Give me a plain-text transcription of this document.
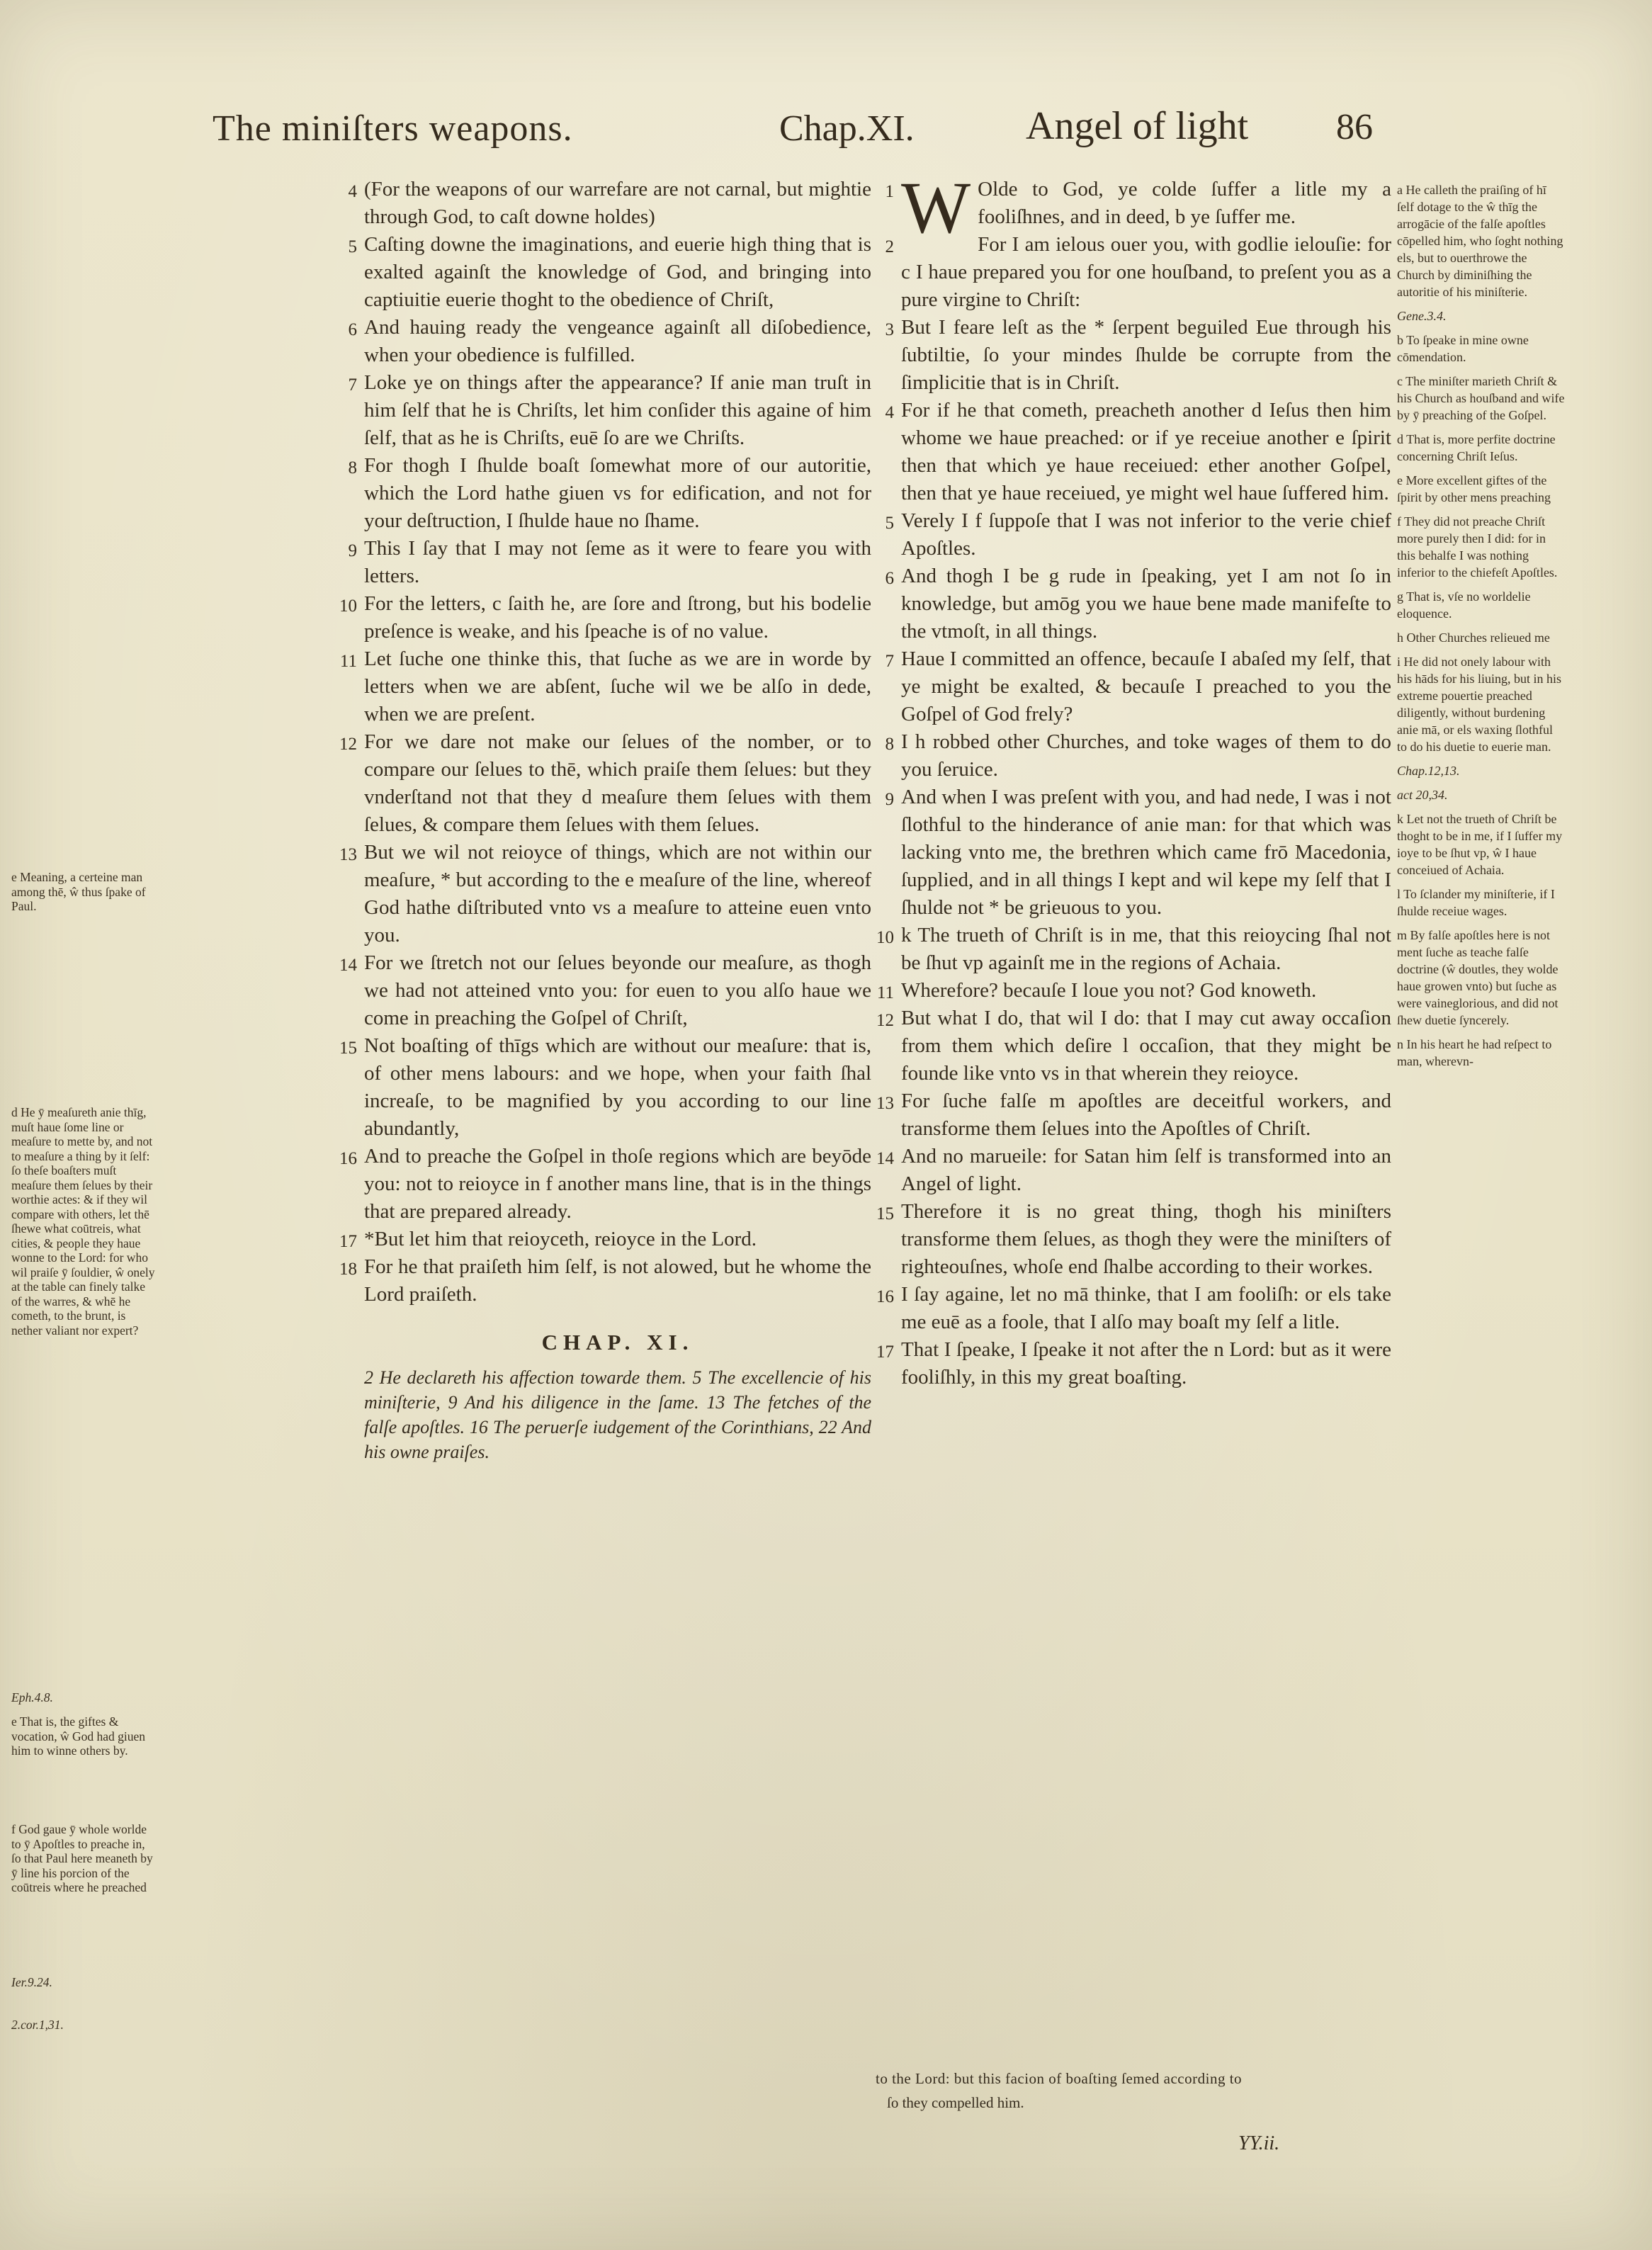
The miniſters weapons.	Chap.XI.	Angel of light 86
e Meaning, a certeine man among thē, ŵ thus ſpake of Paul.
d He ȳ meaſureth anie thīg, muſt haue ſome line or meaſure to mette by, and not to meaſure a thing by it ſelf: ſo theſe boaſters muſt meaſure them ſelues by their worthie actes: & if they wil compare with others, let thē ſhewe what coūtreis, what cities, & people they haue wonne to the Lord: for who wil praiſe ȳ ſouldier, ŵ onely at the table can finely talke of the warres, & whē he cometh, to the brunt, is nether valiant nor expert?
Eph.4.8.
e That is, the giftes & vocation, ŵ God had giuen him to winne others by.
f God gaue ȳ whole worlde to ȳ Apoſtles to preache in, ſo that Paul here meaneth by ȳ line his porcion of the coūtreis where he preached
Ier.9.24.
2.cor.1,31.

4 (For the weapons of our warrefare are not carnal, but mightie through God, to caſt downe holdes)

5 Caſting downe the imaginations, and euerie high thing that is exalted againſt the knowledge of God, and bringing into captiuitie euerie thoght to the obedience of Chriſt,

6 And hauing ready the vengeance againſt all diſobedience, when your obedience is fulfilled.

7 Loke ye on things after the appearance? If anie man truſt in him ſelf that he is Chriſts, let him conſider this againe of him ſelf, that as he is Chriſts, euē ſo are we Chriſts.

8 For thogh I ſhulde boaſt ſomewhat more of our autoritie, which the Lord hathe giuen vs for edification, and not for your deſtruction, I ſhulde haue no ſhame.

9 This I ſay that I may not ſeme as it were to feare you with letters.

10 For the letters, c ſaith he, are ſore and ſtrong, but his bodelie preſence is weake, and his ſpeache is of no value.

11 Let ſuche one thinke this, that ſuche as we are in worde by letters when we are abſent, ſuche wil we be alſo in dede, when we are preſent.

12 For we dare not make our ſelues of the nomber, or to compare our ſelues to thē, which praiſe them ſelues: but they vnderſtand not that they d meaſure them ſelues with them ſelues, & compare them ſelues with them ſelues.

13 But we wil not reioyce of things, which are not within our meaſure, * but according to the e meaſure of the line, whereof God hathe diſtributed vnto vs a meaſure to atteine euen vnto you.

14 For we ſtretch not our ſelues beyonde our meaſure, as thogh we had not atteined vnto you: for euen to you alſo haue we come in preaching the Goſpel of Chriſt,

15 Not boaſting of thīgs which are without our meaſure: that is, of other mens labours: and we hope, when your faith ſhal increaſe, to be magnified by you according to our line abundantly,

16 And to preache the Goſpel in thoſe regions which are beyōde you: not to reioyce in f another mans line, that is in the things that are prepared already.

17 *But let him that reioyceth, reioyce in the Lord.

18 For he that praiſeth him ſelf, is not alowed, but he whome the Lord praiſeth.

CHAP. XI.

2 He declareth his affection towarde them. 5 The excellencie of his miniſterie, 9 And his diligence in the ſame. 13 The fetches of the falſe apoſtles. 16 The peruerſe iudgement of the Corinthians, 22 And his owne praiſes.

1 W Olde to God, ye colde ſuffer a litle my a fooliſhnes, and in deed, b ye ſuffer me.

2	For I am ielous ouer you, with godlie ielouſie: for c I haue prepared you for one houſband, to preſent you as a pure virgine to Chriſt:

3 But I feare leſt as the * ſerpent beguiled Eue through his ſubtiltie, ſo your mindes ſhulde be corrupte from the ſimplicitie that is in Chriſt.

4 For if he that cometh, preacheth another d Ieſus then him whome we haue preached: or if ye receiue another e ſpirit then that which ye haue receiued: ether another Goſpel, then that ye haue receiued, ye might wel haue ſuffered him.

5 Verely I f ſuppoſe that I was not inferior to the verie chief Apoſtles.

6 And thogh I be g rude in ſpeaking, yet I am not ſo in knowledge, but amōg you we haue bene made manifeſte to the vtmoſt, in all things.

7 Haue I committed an offence, becauſe I abaſed my ſelf, that ye might be exalted, & becauſe I preached to you the Goſpel of God frely?

8 I h robbed other Churches, and toke wages of them to do you ſeruice.

9 And when I was preſent with you, and had nede, I was i not ſlothful to the hinderance of anie man: for that which was lacking vnto me, the brethren which came frō Macedonia, ſupplied, and in all things I kept and wil kepe my ſelf that I ſhulde not * be grieuous to you.

10 k The trueth of Chriſt is in me, that this reioycing ſhal not be ſhut vp againſt me in the regions of Achaia.

11 Wherefore? becauſe I loue you not? God knoweth.

12 But what I do, that wil I do: that I may cut away occaſion from them which deſire l occaſion, that they might be founde like vnto vs in that wherein they reioyce.

13 For ſuche falſe m apoſtles are deceitful workers, and transforme them ſelues into the Apoſtles of Chriſt.

14 And no marueile: for Satan him ſelf is transformed into an Angel of light.

15 Therefore it is no great thing, thogh his miniſters transforme them ſelues, as thogh they were the miniſters of righteouſnes, whoſe end ſhalbe according to their workes.

16 I ſay againe, let no mā thinke, that I am fooliſh: or els take me euē as a foole, that I alſo may boaſt my ſelf a litle.

17 That I ſpeake, I ſpeake it not after the n Lord: but as it were fooliſhly, in this my great boaſting.

a He calleth the praiſing of hī ſelf dotage to the ŵ thīg the arrogācie of the falſe apoſtles cōpelled him, who ſoght nothing els, but to ouerthrowe the Church by diminiſhing the autoritie of his miniſterie.
Gene.3.4.
b To ſpeake in mine owne cōmendation.
c The miniſter marieth Chriſt & his Church as houſband and wife by ȳ preaching of the Goſpel.
d That is, more perfite doctrine concerning Chriſt Ieſus.
e More excellent giftes of the ſpirit by other mens preaching
f They did not preache Chriſt more purely then I did: for in this behalfe I was nothing inferior to the chiefeſt Apoſtles.
g That is, vſe no worldelie eloquence.
h Other Churches relieued me
i He did not onely labour with his hāds for his liuing, but in his extreme pouertie preached diligently, without burdening anie mā, or els waxing ſlothful to do his duetie to euerie man.
Chap.12,13.
act 20,34.
k Let not the trueth of Chriſt be thoght to be in me, if I ſuffer my ioye to be ſhut vp, ŵ I haue conceiued of Achaia.
l To ſclander my miniſterie, if I ſhulde receiue wages.
m By falſe apoſtles here is not ment ſuche as teache falſe doctrine (ŵ doutles, they wolde haue growen vnto) but ſuche as were vaineglorious, and did not ſhew duetie ſyncerely.
n In his heart he had reſpect to man, wherevn-
to the Lord: but this facion of boaſting ſemed according to
ſo they compelled him.
YY.ii.
